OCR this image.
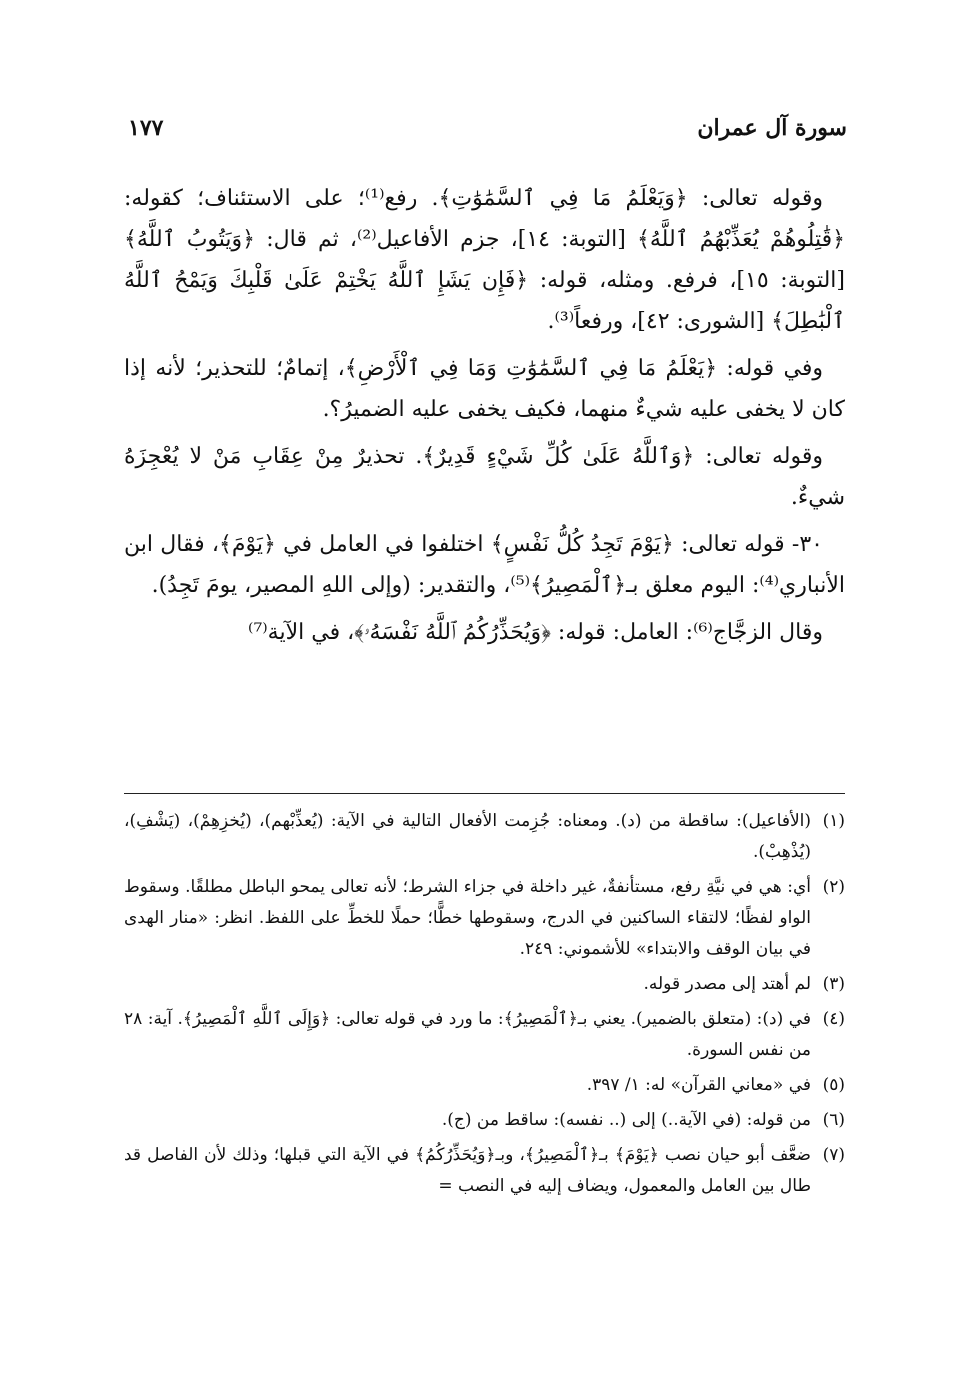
سورة آل عمران
١٧٧

وقوله تعالى: ﴿وَيَعْلَمُ مَا فِي ٱلسَّمَٰوَٰتِ﴾. رفع⁽¹⁾؛ على الاستئناف؛ كقوله: ﴿قَٰتِلُوهُمْ يُعَذِّبْهُمُ ٱللَّهُ﴾ [التوبة: ١٤]، جزم الأفاعيل⁽²⁾، ثم قال: ﴿وَيَتُوبُ ٱللَّهُ﴾ [التوبة: ١٥]، فرفع. ومثله، قوله: ﴿فَإِن يَشَإِ ٱللَّهُ يَخْتِمْ عَلَىٰ قَلْبِكَ وَيَمْحُ ٱللَّهُ ٱلْبَٰطِلَ﴾ [الشورى: ٤٢]، ورفعاً⁽³⁾.

وفي قوله: ﴿يَعْلَمُ مَا فِي ٱلسَّمَٰوَٰتِ وَمَا فِي ٱلْأَرْضِ﴾، إتمامٌ؛ للتحذير؛ لأنه إذا كان لا يخفى عليه شيءٌ منهما، فكيف يخفى عليه الضميرُ؟.

وقوله تعالى: ﴿وَٱللَّهُ عَلَىٰ كُلِّ شَيْءٍ قَدِيرٌ﴾. تحذيرٌ مِنْ عِقَابِ مَنْ لا يُعْجِزَهُ شيءٌ.

٣٠- قوله تعالى: ﴿يَوْمَ تَجِدُ كُلُّ نَفْسٍ﴾ اختلفوا في العامل في ﴿يَوْمَ﴾، فقال ابن الأنباري⁽⁴⁾: اليوم معلق بـ﴿ٱلْمَصِيرُ﴾⁽⁵⁾، والتقدير: (وإلى اللهِ المصير، يومَ تَجِدُ).

وقال الزجَّاج⁽⁶⁾: العامل: قوله: ﴿وَيُحَذِّرُكُمُ ٱللَّهُ نَفْسَهُۥ﴾، في الآية⁽⁷⁾

(١)
(الأفاعيل): ساقطة من (د). ومعناه: جُزِمت الأفعال التالية في الآية: (يُعذِّبْهم)، (يُخزِهِمْ)، (يَشْفِ)، (يُذْهِبْ).
(٢)
أي: هي في نيَّةِ رفع، مستأنفةٌ، غير داخلة في جزاء الشرط؛ لأنه تعالى يمحو الباطل مطلقًا. وسقوط الواو لفظًا؛ لالتقاء الساكنين في الدرج، وسقوطها خطًّا؛ حملًا للخطِّ على اللفظ. انظر: «منار الهدى في بيان الوقف والابتداء» للأشموني: ٢٤٩.
(٣)
لم أهتد إلى مصدر قوله.
(٤)
في (د): (متعلق بالضمير). يعني بـ﴿ٱلْمَصِيرُ﴾: ما ورد في قوله تعالى: ﴿وَإِلَى ٱللَّهِ ٱلْمَصِيرُ﴾. آية: ٢٨ من نفس السورة.
(٥)
في «معاني القرآن» له: ١/ ٣٩٧.
(٦)
من قوله: (في الآية..) إلى (.. نفسه): ساقط من (ج).
(٧)
ضعَّف أبو حيان نصب ﴿يَوْمَ﴾ بـ﴿ٱلْمَصِيرُ﴾، وبـ﴿وَيُحَذِّرُكُمُ﴾ في الآية التي قبلها؛ وذلك لأن الفاصل قد طال بين العامل والمعمول، ويضاف إليه في النصب =
